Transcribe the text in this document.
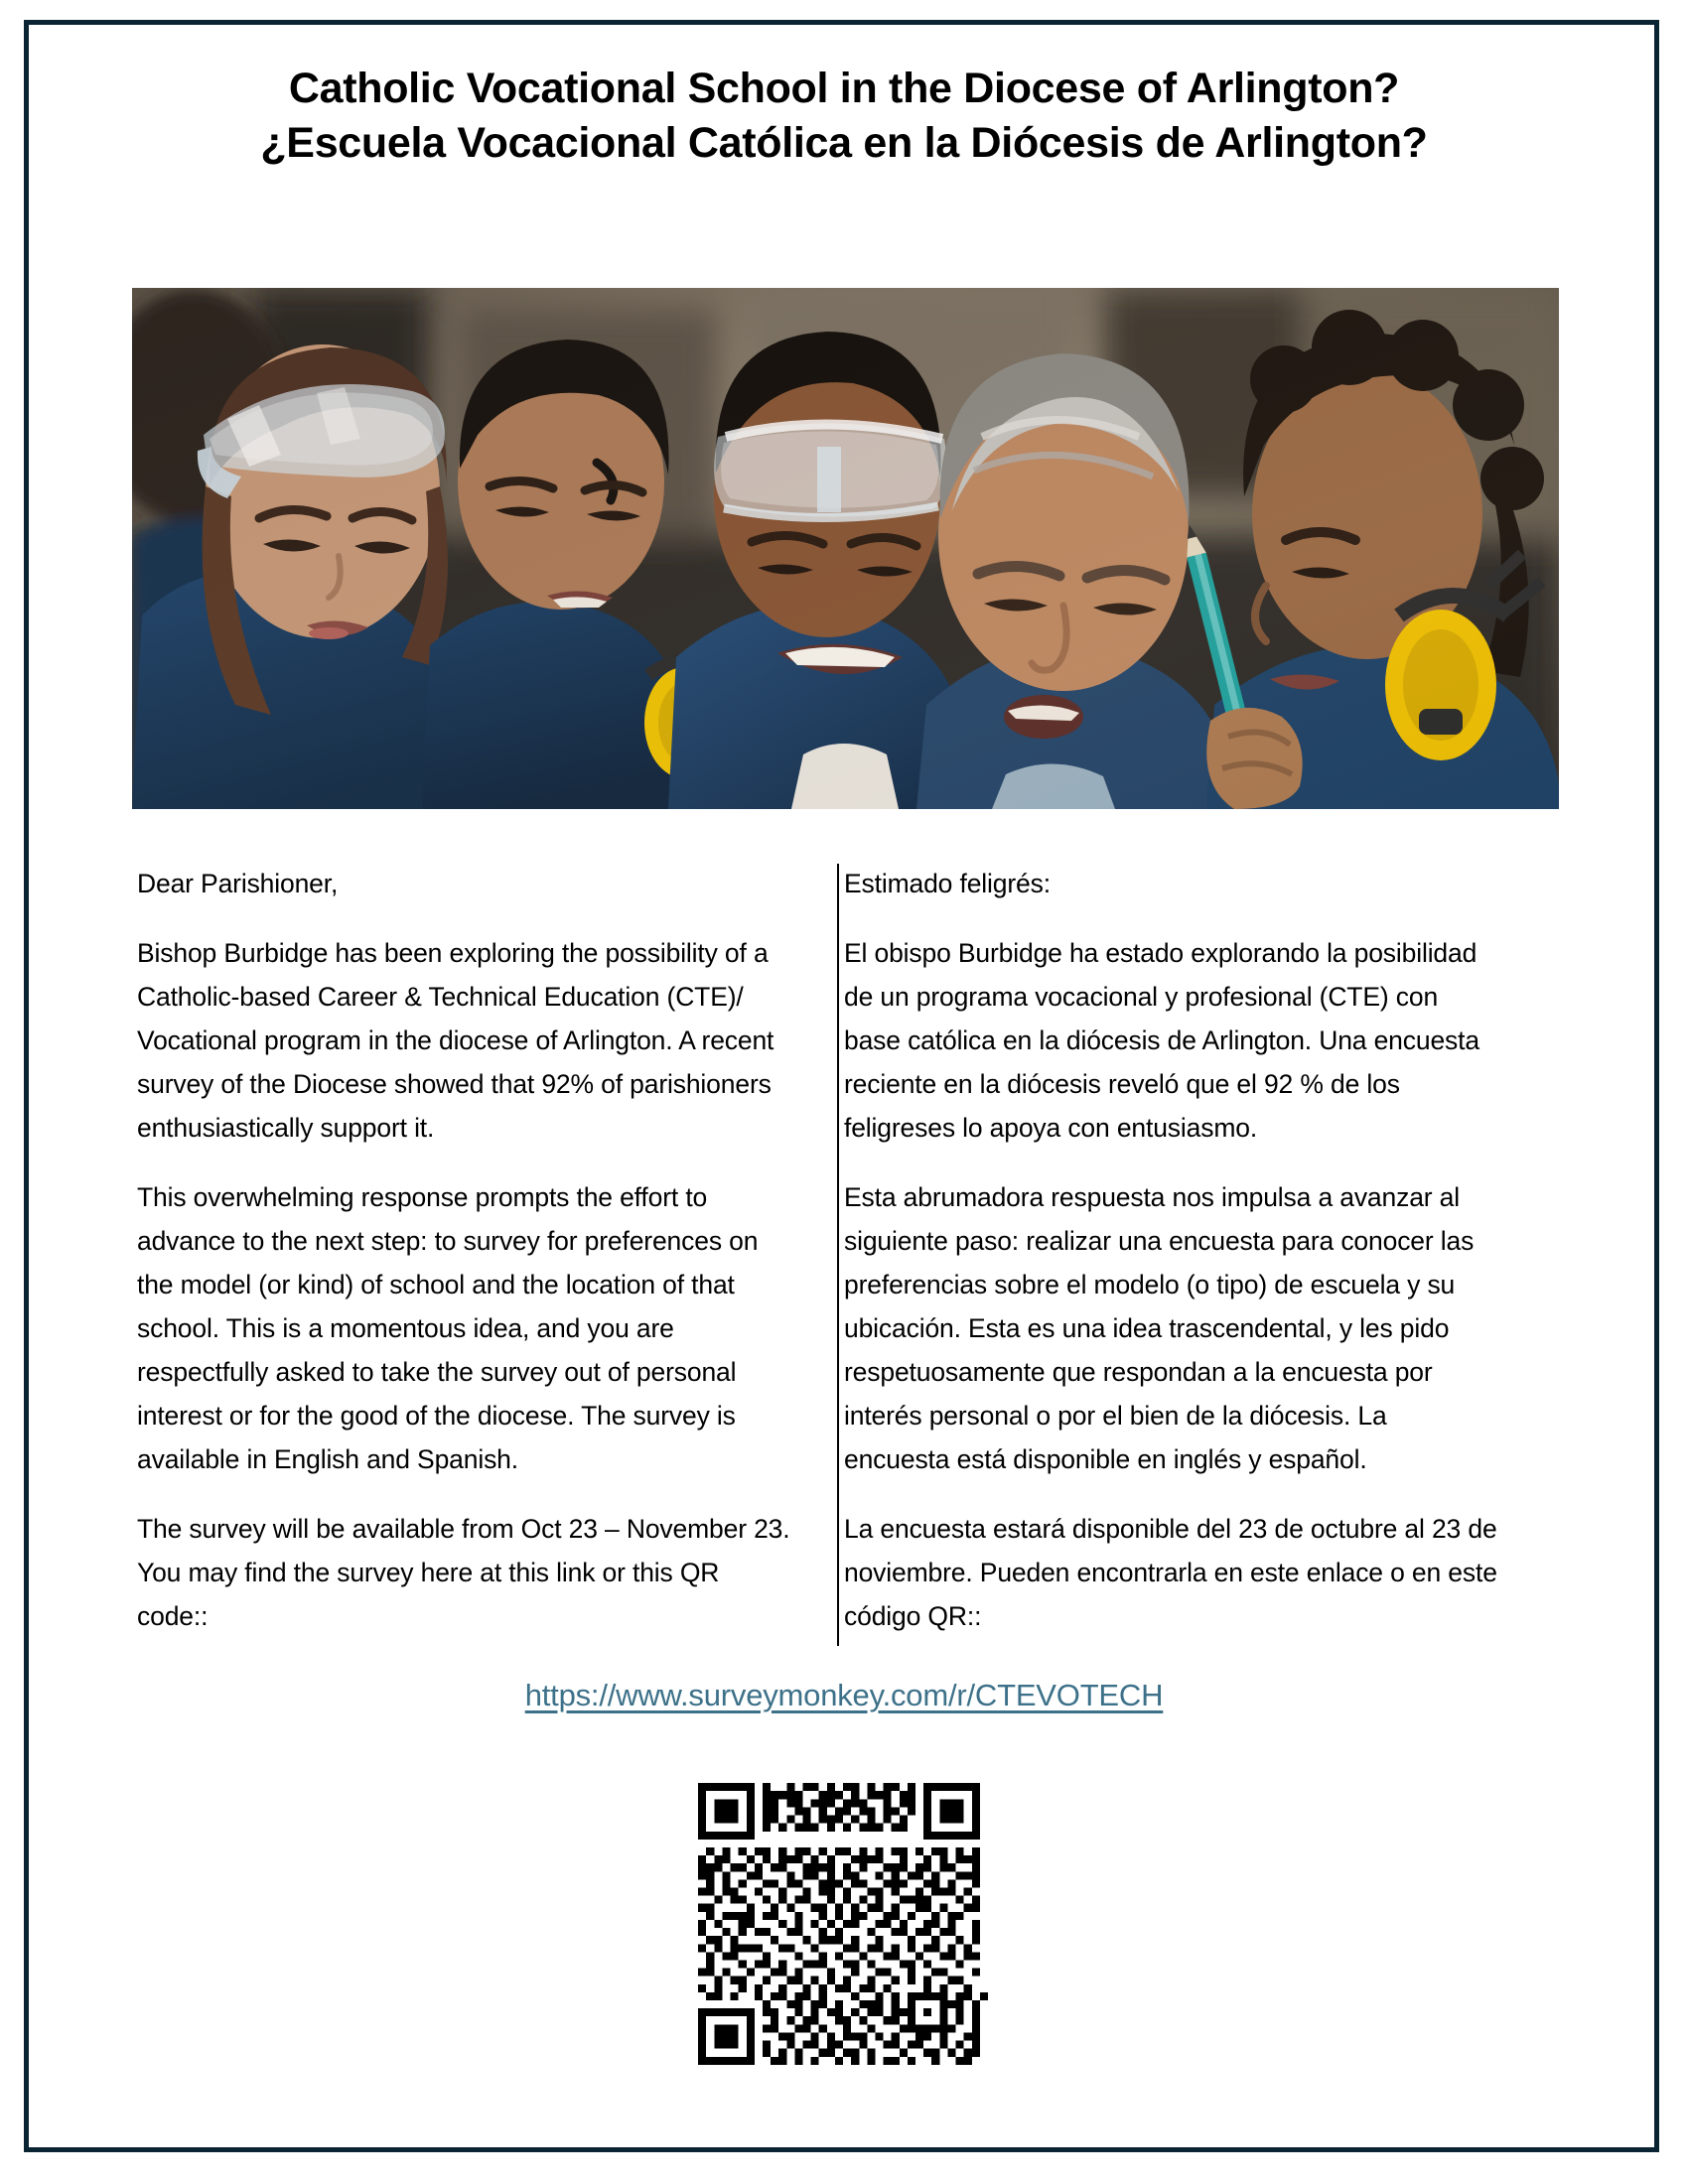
Catholic Vocational School in the Diocese of Arlington?
¿Escuela Vocacional Católica en la Diócesis de Arlington?

Dear Parishioner,

Bishop Burbidge has been exploring the possibility of a Catholic-based Career & Technical Education (CTE)/ Vocational program in the diocese of Arlington. A recent survey of the Diocese showed that 92% of parishioners enthusiastically support it.

This overwhelming response prompts the effort to advance to the next step: to survey for preferences on the model (or kind) of school and the location of that school. This is a momentous idea, and you are respectfully asked to take the survey out of personal interest or for the good of the diocese. The survey is available in English and Spanish.

The survey will be available from Oct 23 – November 23. You may find the survey here at this link or this QR code::

Estimado feligrés:

El obispo Burbidge ha estado explorando la posibilidad de un programa vocacional y profesional (CTE) con base católica en la diócesis de Arlington. Una encuesta reciente en la diócesis reveló que el 92 % de los feligreses lo apoya con entusiasmo.

Esta abrumadora respuesta nos impulsa a avanzar al siguiente paso: realizar una encuesta para conocer las preferencias sobre el modelo (o tipo) de escuela y su ubicación. Esta es una idea trascendental, y les pido respetuosamente que respondan a la encuesta por interés personal o por el bien de la diócesis. La encuesta está disponible en inglés y español.

La encuesta estará disponible del 23 de octubre al 23 de noviembre. Pueden encontrarla en este enlace o en este código QR::

https://www.surveymonkey.com/r/CTEVOTECH
